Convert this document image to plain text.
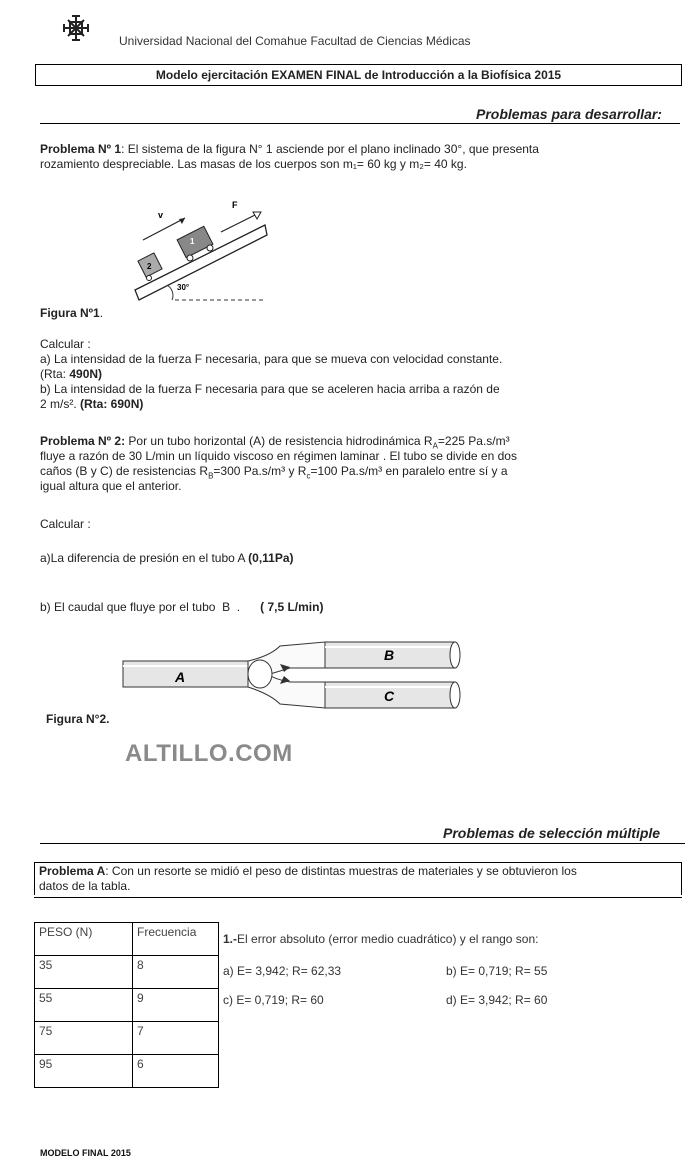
Universidad Nacional del Comahue Facultad de Ciencias Médicas
Modelo ejercitación EXAMEN FINAL de Introducción a la Biofísica 2015
Problemas para desarrollar:
Problema Nº 1: El sistema de la figura N° 1 asciende por el plano inclinado 30°, que presenta
rozamiento despreciable. Las masas de los cuerpos son m₁= 60 kg y m₂= 40 kg.
v
F
1
2
30°
Figura Nº1.
Calcular :
a) La intensidad de la fuerza F necesaria, para que se mueva con velocidad constante.
(Rta: 490N)
b) La intensidad de la fuerza F necesaria para que se aceleren hacia arriba a razón de
2 m/s². (Rta: 690N)
Problema Nº 2: Por un tubo horizontal (A) de resistencia hidrodinámica $R_A=225$ Pa.s/m³
fluye a razón de 30 L/min un líquido viscoso en régimen laminar . El tubo se divide en dos
caños (B y C) de resistencias $R_B=300$ Pa.s/m³ y $R_c=100$ Pa.s/m³ en paralelo entre sí y a
igual altura que el anterior.
Calcular :
a)La diferencia de presión en el tubo A (0,11Pa)
b) El caudal que fluye por el tubo  B  .      ( 7,5 L/min)
A
B
C
Figura N°2.
ALTILLO.COM
Problemas de selección múltiple
Problema A: Con un resorte se midió el peso de distintas muestras de materiales y se obtuvieron los
datos de la tabla.
PESO (N)	Frecuencia
35	8
55	9
75	7
95	6
1.-El error absoluto (error medio cuadrático) y el rango son:
a) E= 3,942; R= 62,33	b) E= 0,719; R= 55
c) E= 0,719; R= 60	d) E= 3,942; R= 60
MODELO FINAL 2015
